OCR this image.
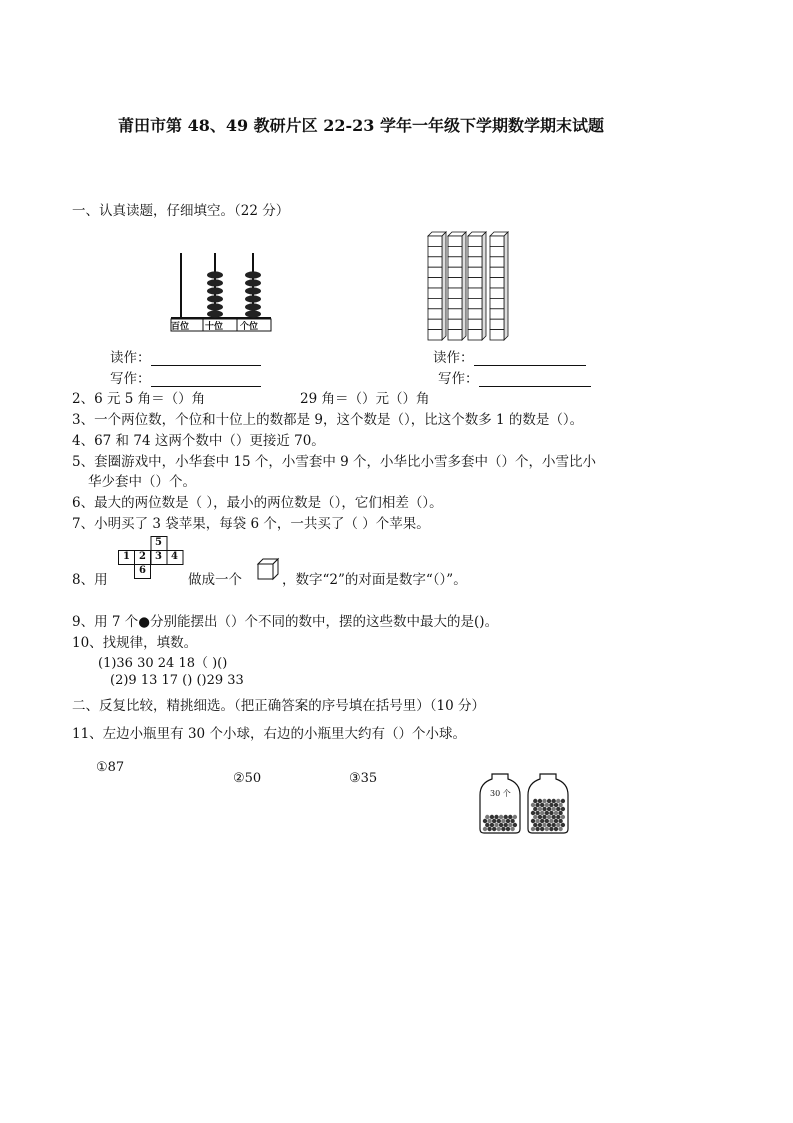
莆田市第 48、49 教研片区 22-23 学年一年级下学期数学期末试题
一、认真读题，仔细填空。（22 分）
百位 十位 个位
读作：
写作：
读作：
写作：
2、6 元 5 角＝（）角	29 角＝（）元（）角
3、一个两位数，个位和十位上的数都是 9，这个数是（），比这个数多 1 的数是（）。
4、67 和 74 这两个数中（）更接近 70。
5、套圈游戏中，小华套中 15 个，小雪套中 9 个，小华比小雪多套中（）个，小雪比小
华少套中（）个。
6、最大的两位数是（ ），最小的两位数是（），它们相差（）。
7、小明买了 3 袋苹果，每袋 6 个，一共买了（ ）个苹果。
5
1 2 3 4
6
8、用	做成一个	，数字“2”的对面是数字“（）”。
9、用 7 个●分别能摆出（）个不同的数中，摆的这些数中最大的是()。
10、找规律，填数。
(1)36 30 24 18（ )()
(2)9 13 17 () ()29 33
二、反复比较，精挑细选。（把正确答案的序号填在括号里）（10 分）
11、左边小瓶里有 30 个小球，右边的小瓶里大约有（）个小球。
①87
②50	③35
30 个
